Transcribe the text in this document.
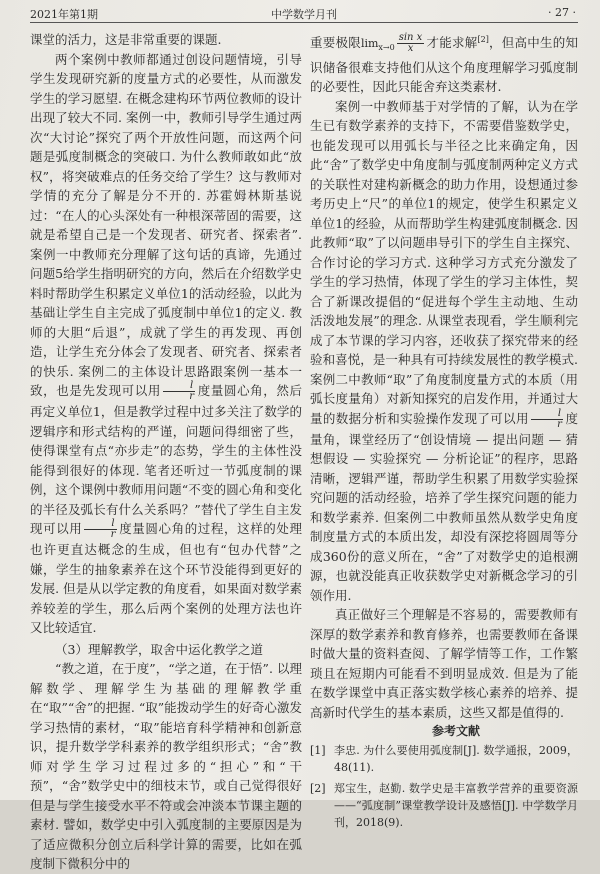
2021年第1期	中学数学月刊	· 27 ·

课堂的活力，这是非常重要的课题.

两个案例中教师都通过创设问题情境，引导学生发现研究新的度量方式的必要性，从而激发学生的学习愿望. 在概念建构环节两位教师的设计出现了较大不同. 案例一中，教师引导学生通过两次“大讨论”探究了两个开放性问题，而这两个问题是弧度制概念的突破口. 为什么教师敢如此“放权”，将突破难点的任务交给了学生？这与教师对学情的充分了解是分不开的. 苏霍姆林斯基说过：“在人的心头深处有一种根深蒂固的需要，这就是希望自己是一个发现者、研究者、探索者”. 案例一中教师充分理解了这句话的真谛，先通过问题5给学生指明研究的方向，然后在介绍数学史料时帮助学生积累定义单位1的活动经验，以此为基础让学生自主完成了弧度制中单位1的定义. 教师的大胆“后退”，成就了学生的再发现、再创造，让学生充分体会了发现者、研究者、探索者的快乐. 案例二的主体设计思路跟案例一基本一致，也是先发现可以用 $\frac{l}{r}$ 度量圆心角，然后再定义单位1，但是教学过程中过多关注了数学的逻辑序和形式结构的严谨，问题问得细密了些，使得课堂有点“亦步走”的态势，学生的主体性没能得到很好的体现. 笔者还听过一节弧度制的课例，这个课例中教师用问题“不变的圆心角和变化的半径及弧长有什么关系吗？”替代了学生自主发现可以用 $\frac{l}{r}$ 度量圆心角的过程，这样的处理也许更直达概念的生成，但也有“包办代替”之嫌，学生的抽象素养在这个环节没能得到更好的发展. 但是从以学定教的角度看，如果面对数学素养较差的学生，那么后两个案例的处理方法也许又比较适宜.

（3）理解教学，取舍中运化教学之道

“教之道，在于度”，“学之道，在于悟”. 以理解数学、理解学生为基础的理解教学重在“取”“舍”的把握. “取”能拨动学生的好奇心激发学习热情的素材，“取”能培育科学精神和创新意识，提升数学学科素养的教学组织形式；“舍”教师对学生学习过程过多的“担心”和“干预”，“舍”数学史中的细枝末节，或自己觉得很好但是与学生接受水平不符或会冲淡本节课主题的素材. 譬如，数学史中引入弧度制的主要原因是为了适应微积分创立后科学计算的需要，比如在弧度制下微积分中的

重要极限$\lim_{x\to 0} \frac{\text{sin x}}{x}$ 才能求解[2]，但高中生的知识储备很难支持他们从这个角度理解学习弧度制的必要性，因此只能舍弃这类素材.

案例一中教师基于对学情的了解，认为在学生已有数学素养的支持下，不需要借鉴数学史，也能发现可以用弧长与半径之比来确定角，因此“舍”了数学史中角度制与弧度制两种定义方式的关联性对建构新概念的助力作用，设想通过参考历史上“尺”的单位1的规定，使学生积累定义单位1的经验，从而帮助学生构建弧度制概念. 因此教师“取”了以问题串导引下的学生自主探究、合作讨论的学习方式. 这种学习方式充分激发了学生的学习热情，体现了学生的学习主体性，契合了新课改提倡的“促进每个学生主动地、生动活泼地发展”的理念. 从课堂表现看，学生顺利完成了本节课的学习内容，还收获了探究带来的经验和喜悦，是一种具有可持续发展性的教学模式. 案例二中教师“取”了角度制度量方式的本质（用弧长度量角）对新知探究的启发作用，并通过大量的数据分析和实验操作发现了可以用 $\frac{l}{r}$ 度量角，课堂经历了“创设情境 — 提出问题 — 猜想假设 — 实验探究 — 分析论证”的程序，思路清晰，逻辑严谨，帮助学生积累了用数学实验探究问题的活动经验，培养了学生探究问题的能力和数学素养. 但案例二中教师虽然从数学史角度制度量方式的本质出发，却没有深挖将圆周等分成360份的意义所在，“舍”了对数学史的追根溯源，也就没能真正收获数学史对新概念学习的引领作用.

真正做好三个理解是不容易的，需要教师有深厚的数学素养和教育修养，也需要教师在备课时做大量的资料查阅、了解学情等工作，工作繁琐且在短期内可能看不到明显成效. 但是为了能在数学课堂中真正落实数学核心素养的培养、提高新时代学生的基本素质，这些又都是值得的.

参考文献

[1] 李忠. 为什么要使用弧度制[J]. 数学通报，2009，48(11).
[2] 郑宝生，赵勤. 数学史是丰富教学营养的重要资源——“弧度制”课堂教学设计及感悟[J]. 中学数学月刊，2018(9).
